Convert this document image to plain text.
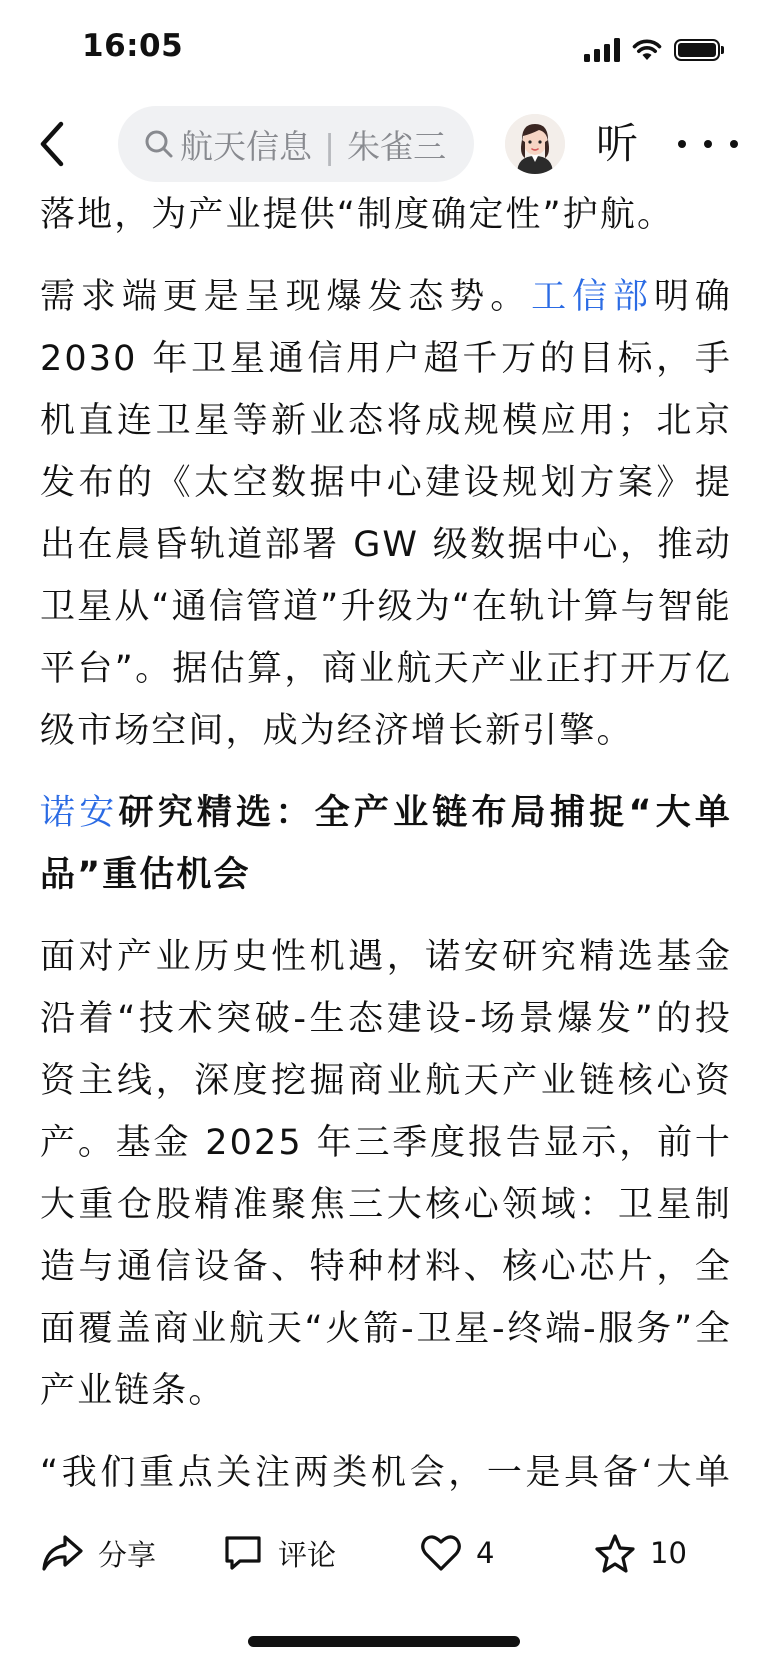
16:05
航天信息 | 朱雀三	听

落地，为产业提供“制度确定性”护航。

需求端更是呈现爆发态势。工信部明确 2030 年卫星通信用户超千万的目标，手机直连卫星等新业态将成规模应用；北京发布的《太空数据中心建设规划方案》提出在晨昏轨道部署 GW 级数据中心，推动卫星从“通信管道”升级为“在轨计算与智能平台”。据估算，商业航天产业正打开万亿级市场空间，成为经济增长新引擎。

诺安研究精选：全产业链布局捕捉“大单品”重估机会

面对产业历史性机遇，诺安研究精选基金沿着“技术突破-生态建设-场景爆发”的投资主线，深度挖掘商业航天产业链核心资产。基金 2025 年三季度报告显示，前十大重仓股精准聚焦三大核心领域：卫星制造与通信设备、特种材料、核心芯片，全面覆盖商业航天“火箭-卫星-终端-服务”全产业链条。

“我们重点关注两类机会，一是具备‘大单

分享	评论	4	10
